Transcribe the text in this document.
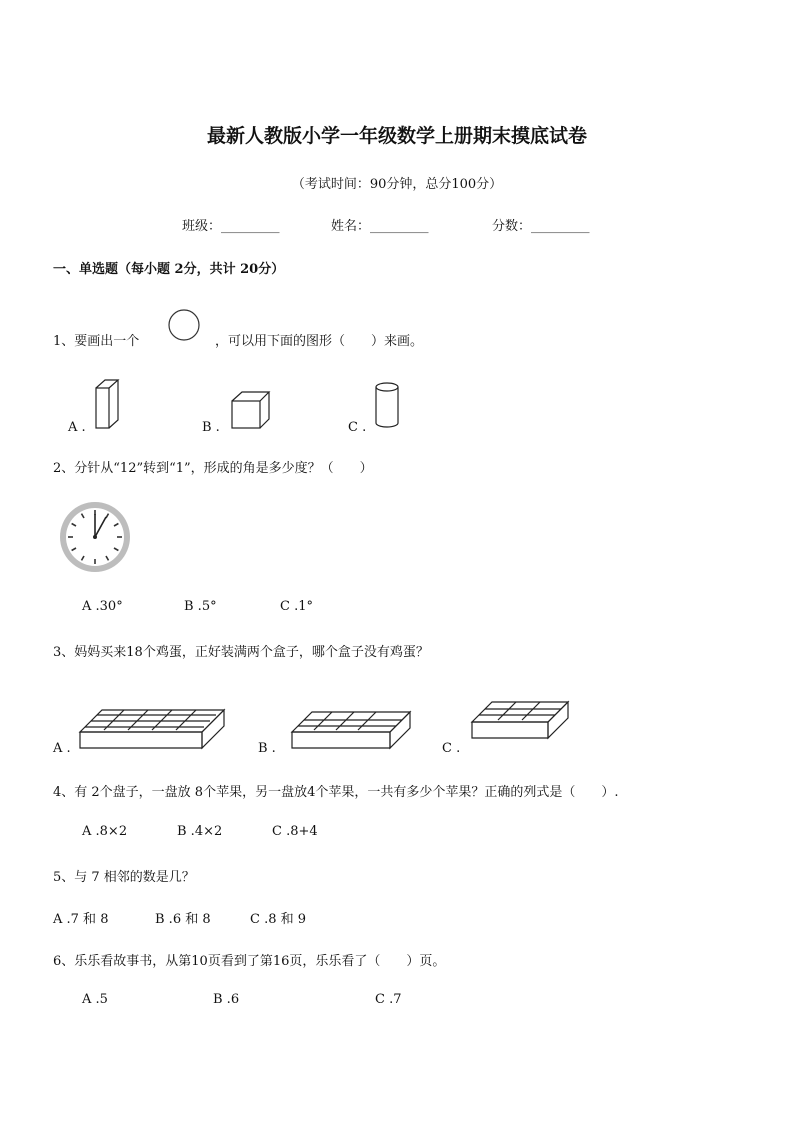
最新人教版小学一年级数学上册期末摸底试卷
（考试时间：90分钟，总分100分）
班级：_________	姓名：_________	分数：_________
一、单选题（每小题 2分，共计 20分）
1、要画出一个	，可以用下面的图形（　　）来画。
A .	B .	C .
2、分针从“12”转到“1”，形成的角是多少度？（　　）
A .30°	B .5°	C .1°
3、妈妈买来18个鸡蛋，正好装满两个盒子，哪个盒子没有鸡蛋？
A .	B .	C .
4、有 2个盘子，一盘放 8个苹果，另一盘放4个苹果，一共有多少个苹果？正确的列式是（　　）.
A .8×2	B .4×2	C .8+4
5、与 7 相邻的数是几？
A .7 和 8	B .6 和 8	C .8 和 9
6、乐乐看故事书，从第10页看到了第16页，乐乐看了（　　）页。
A .5	B .6	C .7
